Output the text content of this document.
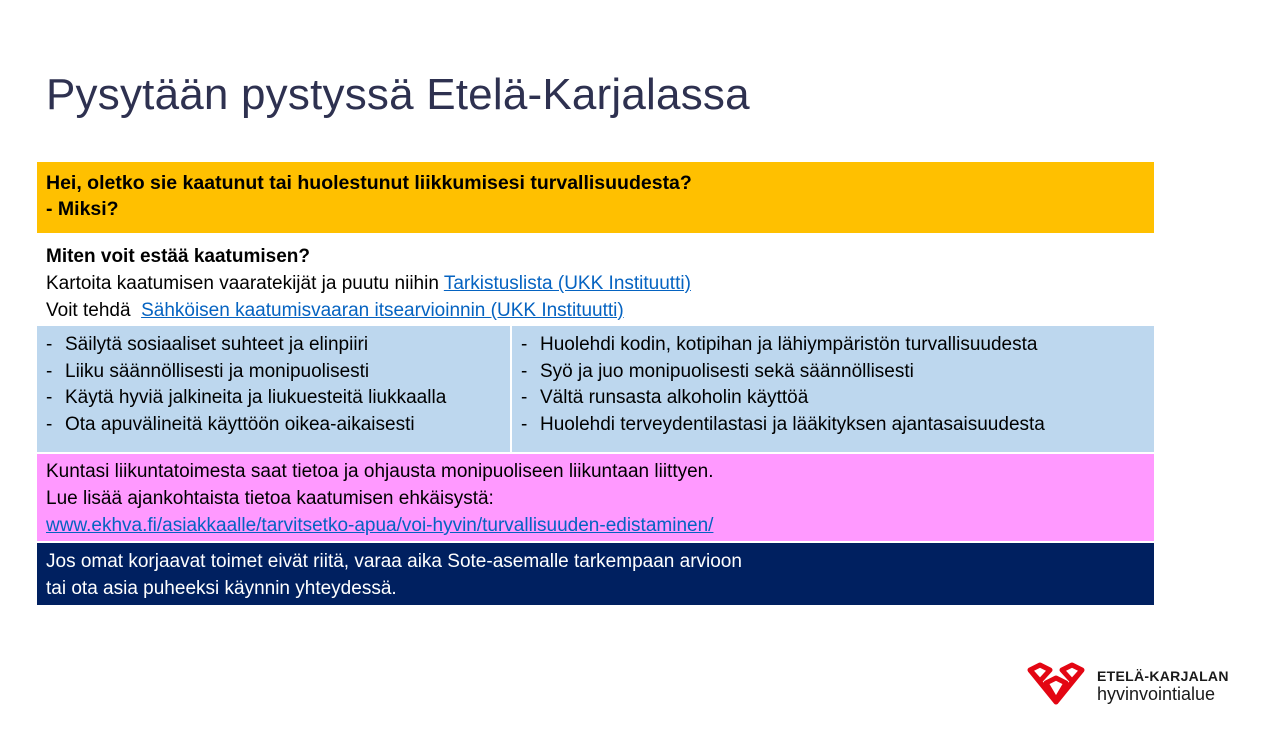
Pysytään pystyssä Etelä-Karjalassa
Hei, oletko sie kaatunut tai huolestunut liikkumisesi turvallisuudesta?
- Miksi?
Miten voit estää kaatumisen?
Kartoita kaatumisen vaaratekijät ja puutu niihin Tarkistuslista (UKK Instituutti)
Voit tehdä  Sähköisen kaatumisvaaran itsearvioinnin (UKK Instituutti)
- Säilytä sosiaaliset suhteet ja elinpiiri
- Liiku säännöllisesti ja monipuolisesti
- Käytä hyviä jalkineita ja liukuesteitä liukkaalla
- Ota apuvälineitä käyttöön oikea-aikaisesti
- Huolehdi kodin, kotipihan ja lähiympäristön turvallisuudesta
- Syö ja juo monipuolisesti sekä säännöllisesti
- Vältä runsasta alkoholin käyttöä
- Huolehdi terveydentilastasi ja lääkityksen ajantasaisuudesta
Kuntasi liikuntatoimesta saat tietoa ja ohjausta monipuoliseen liikuntaan liittyen.
Lue lisää ajankohtaista tietoa kaatumisen ehkäisystä:
www.ekhva.fi/asiakkaalle/tarvitsetko-apua/voi-hyvin/turvallisuuden-edistaminen/
Jos omat korjaavat toimet eivät riitä, varaa aika Sote-asemalle tarkempaan arvioon
tai ota asia puheeksi käynnin yhteydessä.
ETELÄ-KARJALAN
hyvinvointialue
